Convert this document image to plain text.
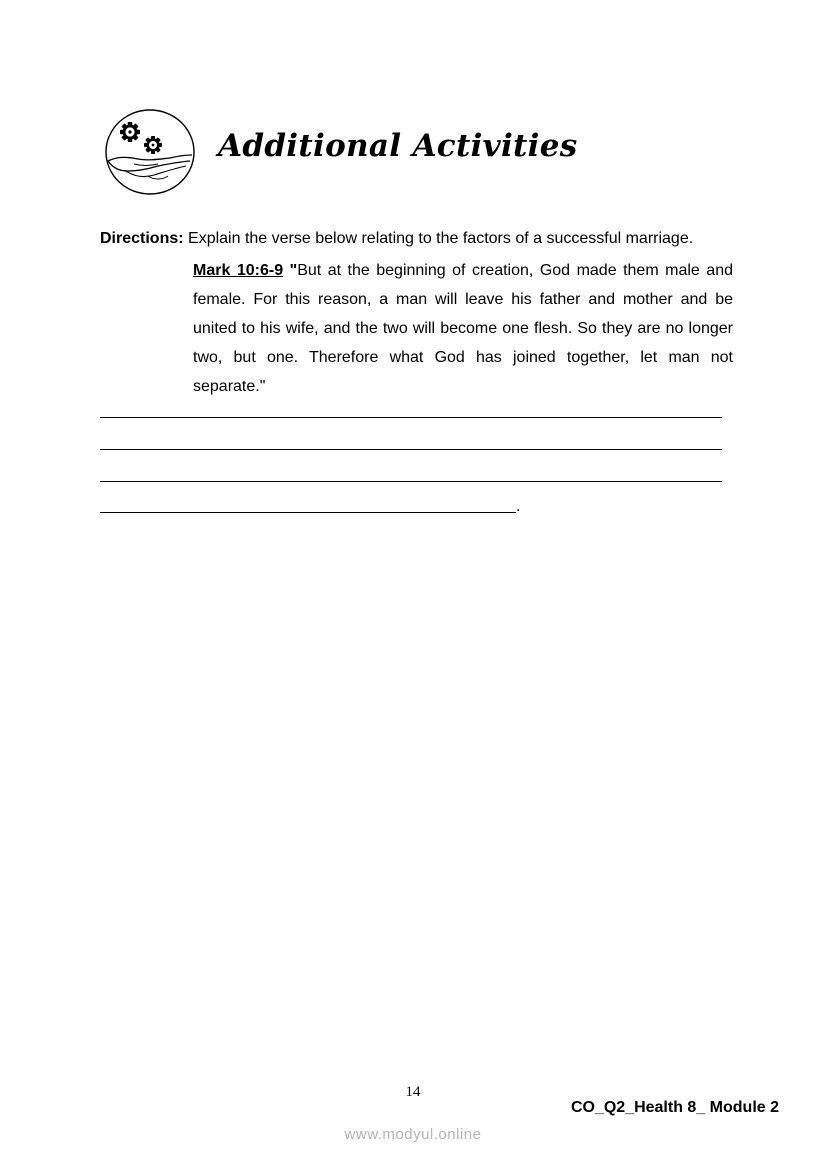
Additional Activities
Directions: Explain the verse below relating to the factors of a successful marriage.
Mark 10:6-9 "But at the beginning of creation, God made them male and female. For this reason, a man will leave his father and mother and be united to his wife, and the two will become one flesh. So they are no longer two, but one. Therefore what God has joined together, let man not separate."
.
14
CO_Q2_Health 8_ Module 2
www.modyul.online
